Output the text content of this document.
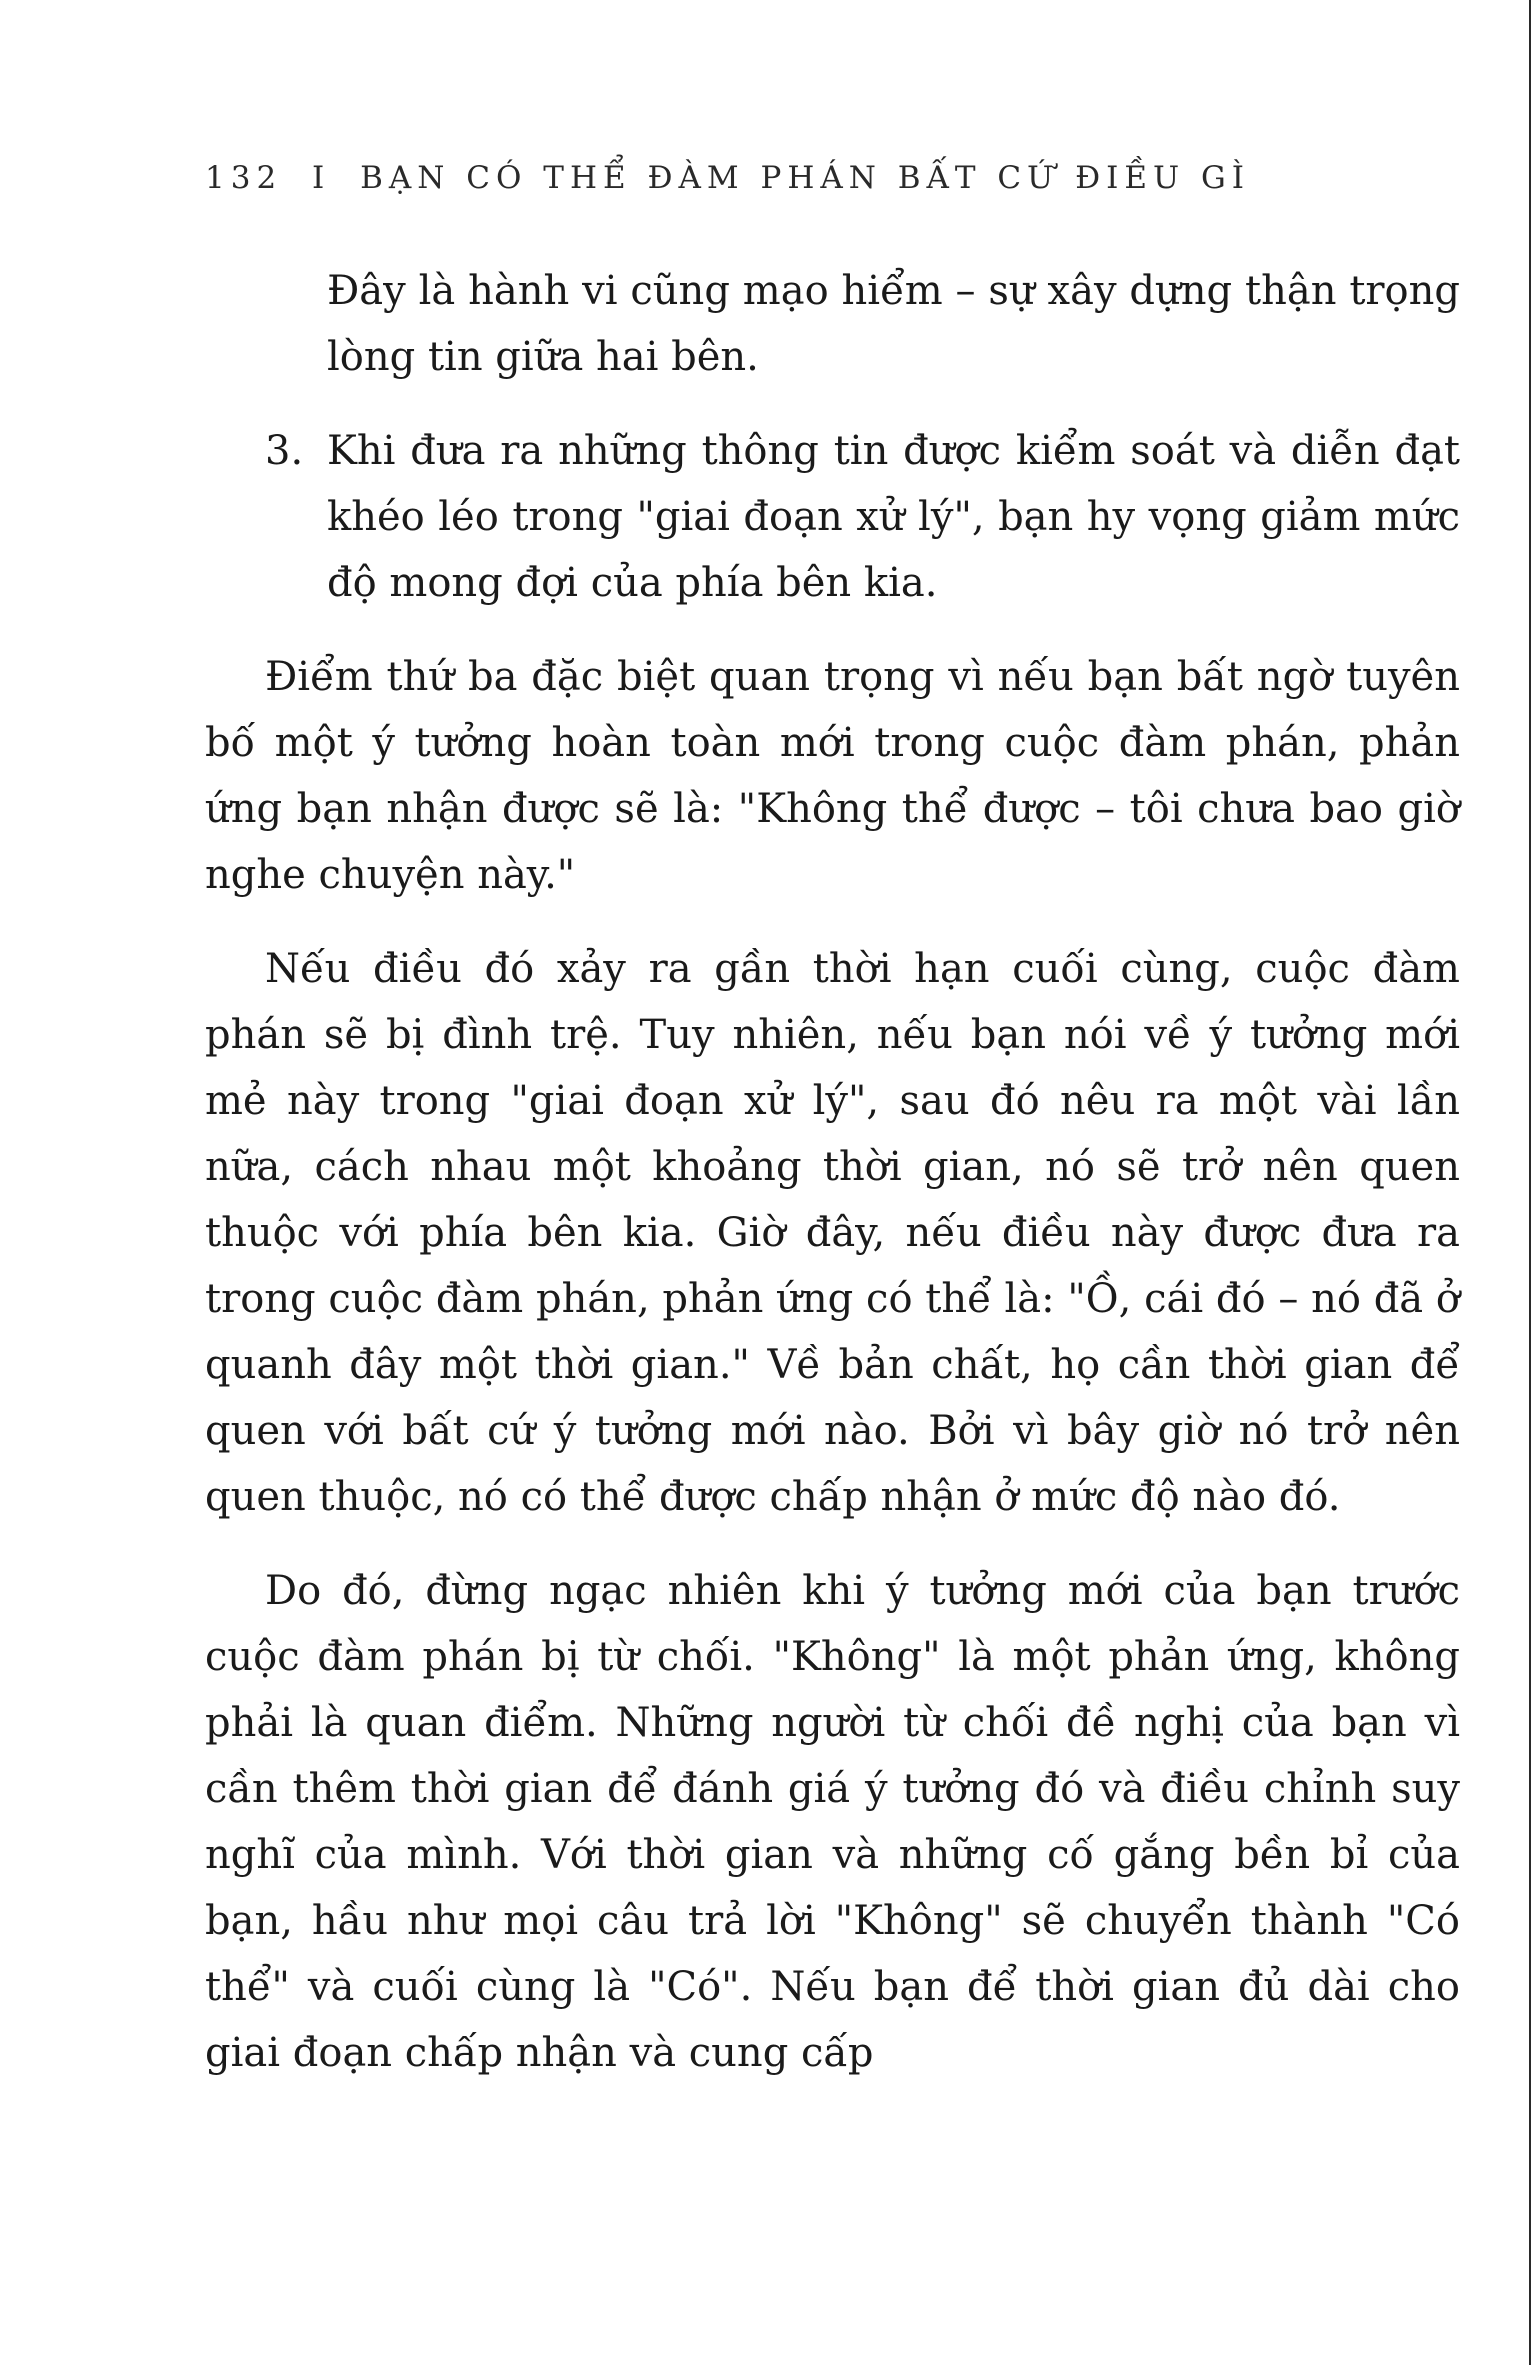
132 I BẠN CÓ THỂ ĐÀM PHÁN BẤT CỨ ĐIỀU GÌ

Đây là hành vi cũng mạo hiểm – sự xây dựng thận trọng lòng tin giữa hai bên.

3. Khi đưa ra những thông tin được kiểm soát và diễn đạt khéo léo trong "giai đoạn xử lý", bạn hy vọng giảm mức độ mong đợi của phía bên kia.

Điểm thứ ba đặc biệt quan trọng vì nếu bạn bất ngờ tuyên bố một ý tưởng hoàn toàn mới trong cuộc đàm phán, phản ứng bạn nhận được sẽ là: "Không thể được – tôi chưa bao giờ nghe chuyện này."

Nếu điều đó xảy ra gần thời hạn cuối cùng, cuộc đàm phán sẽ bị đình trệ. Tuy nhiên, nếu bạn nói về ý tưởng mới mẻ này trong "giai đoạn xử lý", sau đó nêu ra một vài lần nữa, cách nhau một khoảng thời gian, nó sẽ trở nên quen thuộc với phía bên kia. Giờ đây, nếu điều này được đưa ra trong cuộc đàm phán, phản ứng có thể là: "Ồ, cái đó – nó đã ở quanh đây một thời gian." Về bản chất, họ cần thời gian để quen với bất cứ ý tưởng mới nào. Bởi vì bây giờ nó trở nên quen thuộc, nó có thể được chấp nhận ở mức độ nào đó.

Do đó, đừng ngạc nhiên khi ý tưởng mới của bạn trước cuộc đàm phán bị từ chối. "Không" là một phản ứng, không phải là quan điểm. Những người từ chối đề nghị của bạn vì cần thêm thời gian để đánh giá ý tưởng đó và điều chỉnh suy nghĩ của mình. Với thời gian và những cố gắng bền bỉ của bạn, hầu như mọi câu trả lời "Không" sẽ chuyển thành "Có thể" và cuối cùng là "Có". Nếu bạn để thời gian đủ dài cho giai đoạn chấp nhận và cung cấp
